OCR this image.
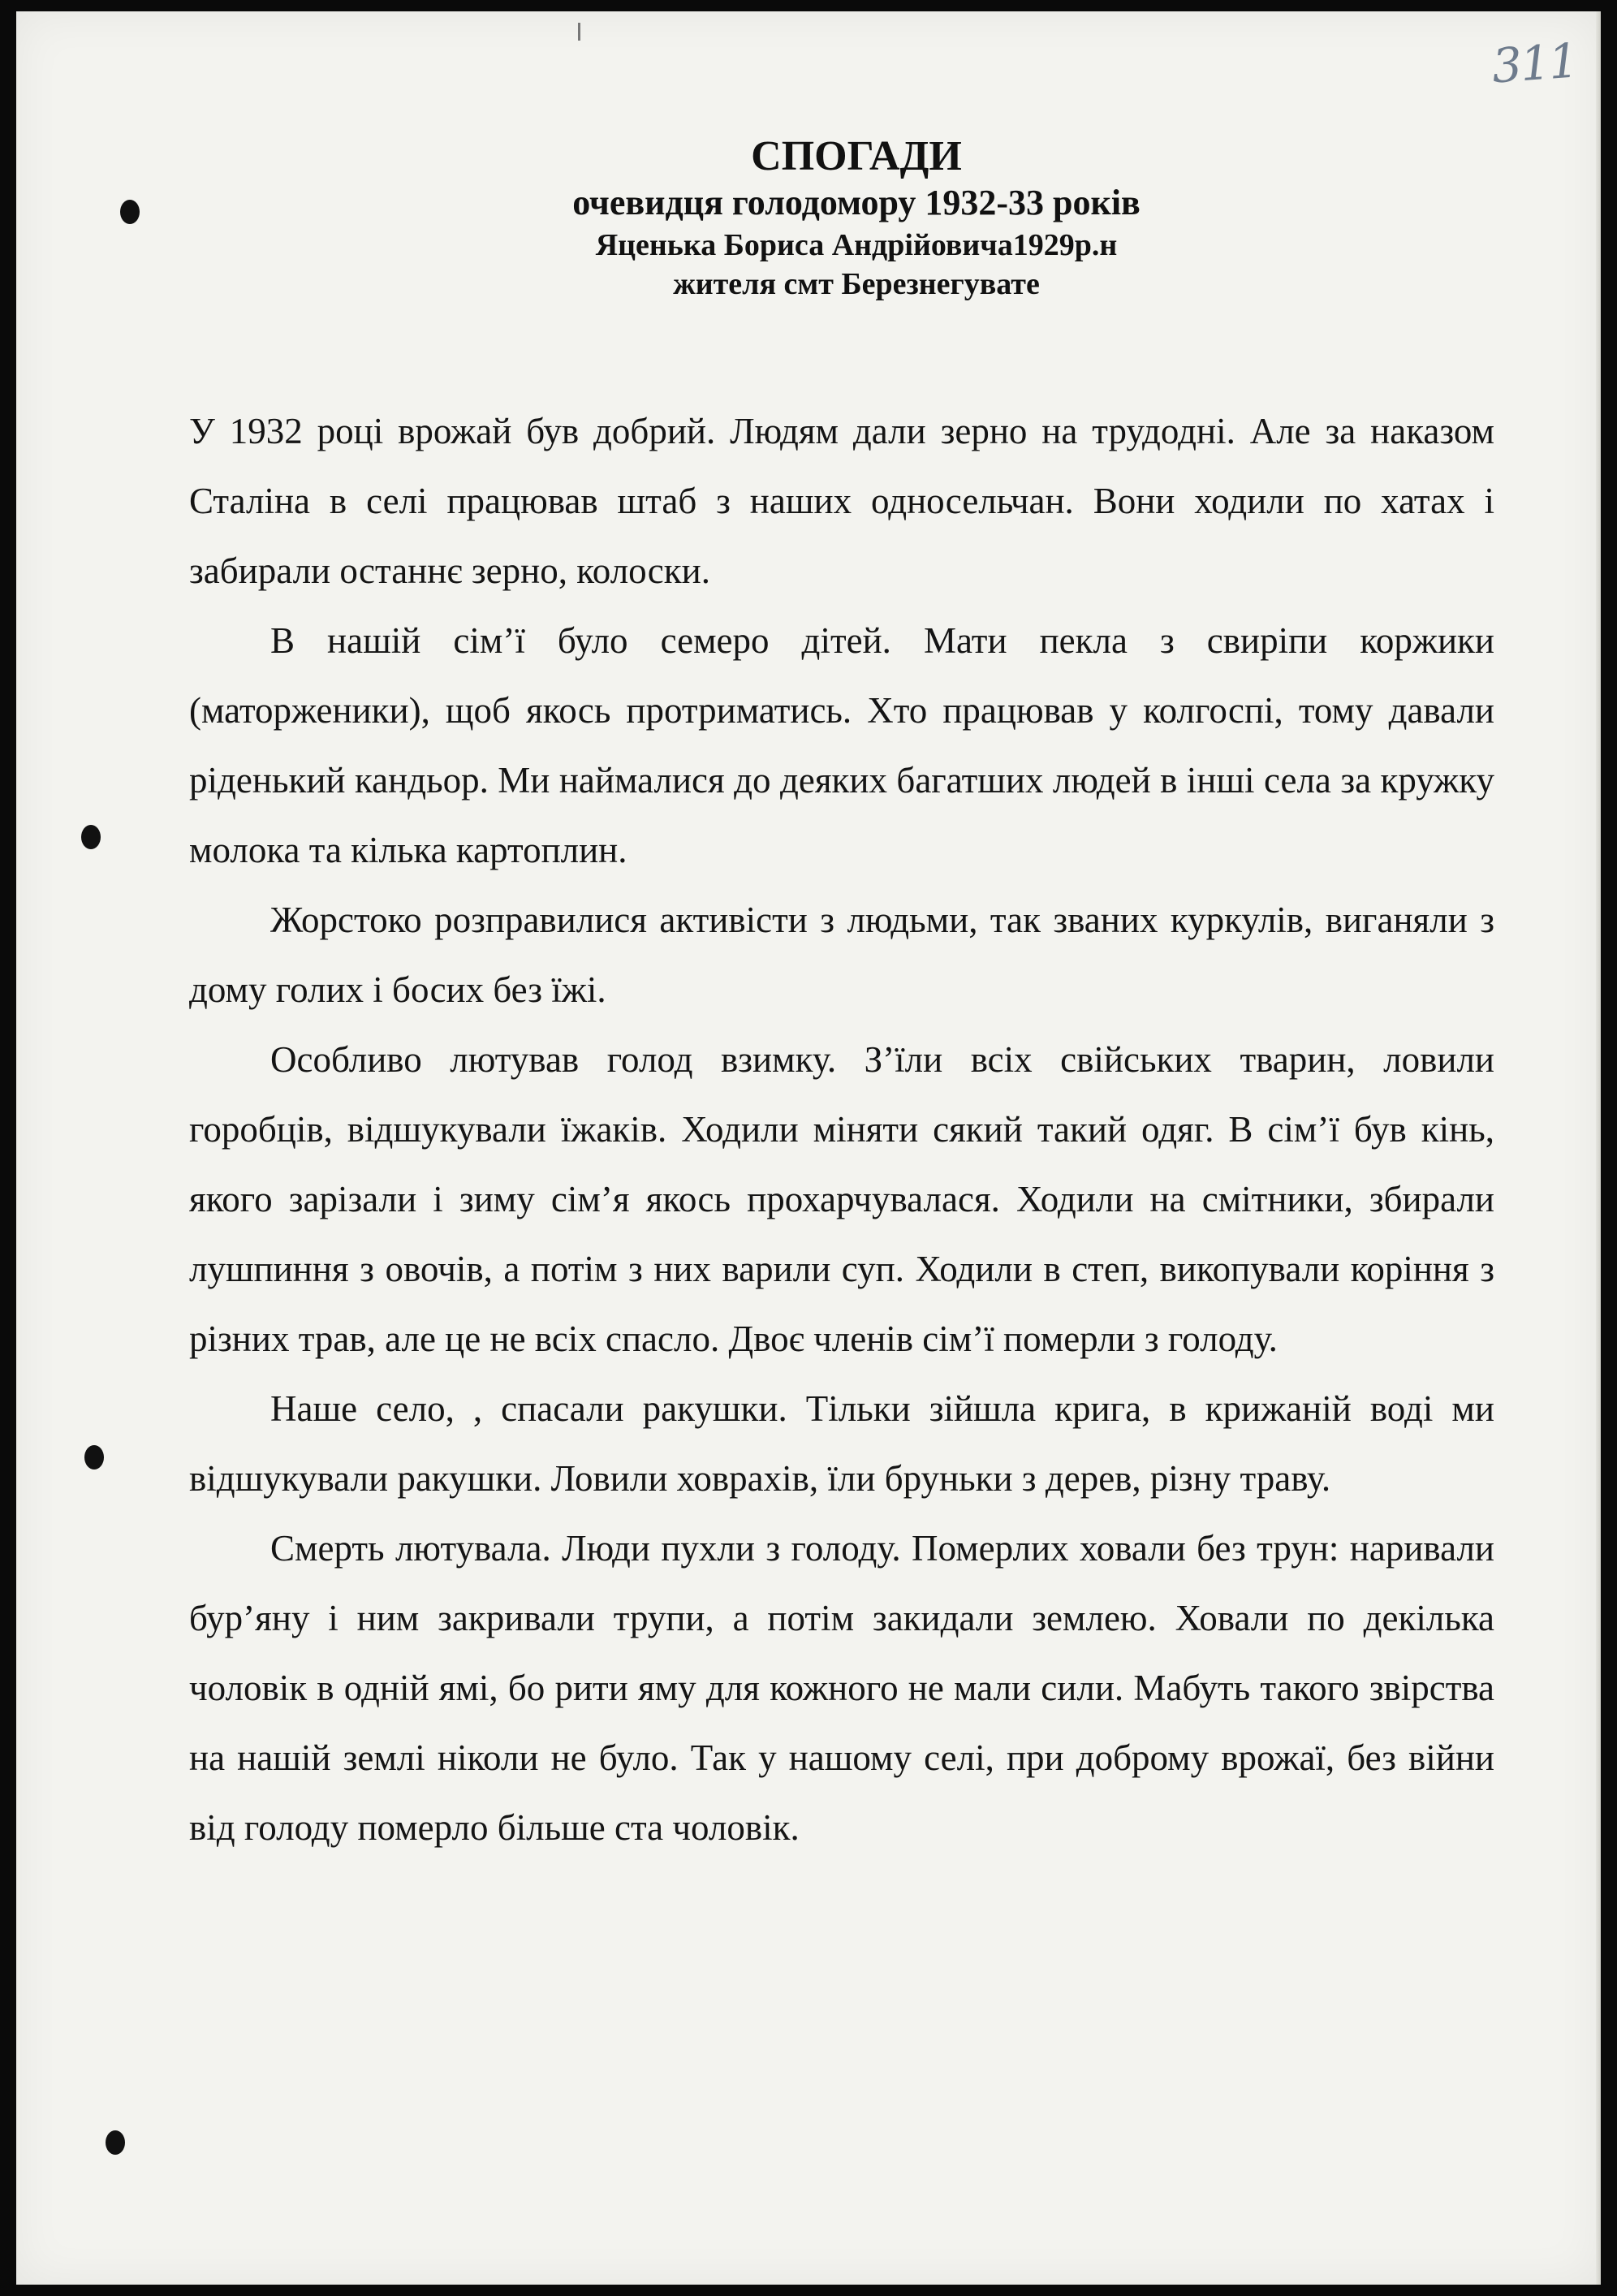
311
СПОГАДИ
очевидця голодомору 1932-33 років
Яценька Бориса Андрійовича1929р.н
жителя смт Березнегувате

У 1932 році врожай був добрий. Людям дали зерно на трудодні. Але за наказом Сталіна в селі працював штаб з наших односельчан. Вони ходили по хатах і забирали останнє зерно, колоски.

В нашій сім’ї було семеро дітей. Мати пекла з свиріпи коржики (маторженики), щоб якось протриматись. Хто працював у колгоспі, тому давали ріденький кандьор. Ми наймалися до деяких багатших людей в інші села за кружку молока та кілька картоплин.

Жорстоко розправилися активісти з людьми, так званих куркулів, виганяли з дому голих і босих без їжі.

Особливо лютував голод взимку. З’їли всіх свійських тварин, ловили горобців, відшукували їжаків. Ходили міняти сякий такий одяг. В сім’ї був кінь, якого зарізали і зиму сім’я якось прохарчувалася. Ходили на смітники, збирали лушпиння з овочів, а потім з них варили суп. Ходили в степ, викопували коріння з різних трав, але це не всіх спасло. Двоє членів сім’ї померли з голоду.

Наше село, , спасали ракушки. Тільки зійшла крига, в крижаній воді ми відшукували ракушки. Ловили ховрахів, їли бруньки з дерев, різну траву.

Смерть лютувала. Люди пухли з голоду. Померлих ховали без трун: наривали бур’яну і ним закривали трупи, а потім закидали землею. Ховали по декілька чоловік в одній ямі, бо рити яму для кожного не мали сили. Мабуть такого звірства на нашій землі ніколи не було. Так у нашому селі, при доброму врожаї, без війни від голоду померло більше ста чоловік.
